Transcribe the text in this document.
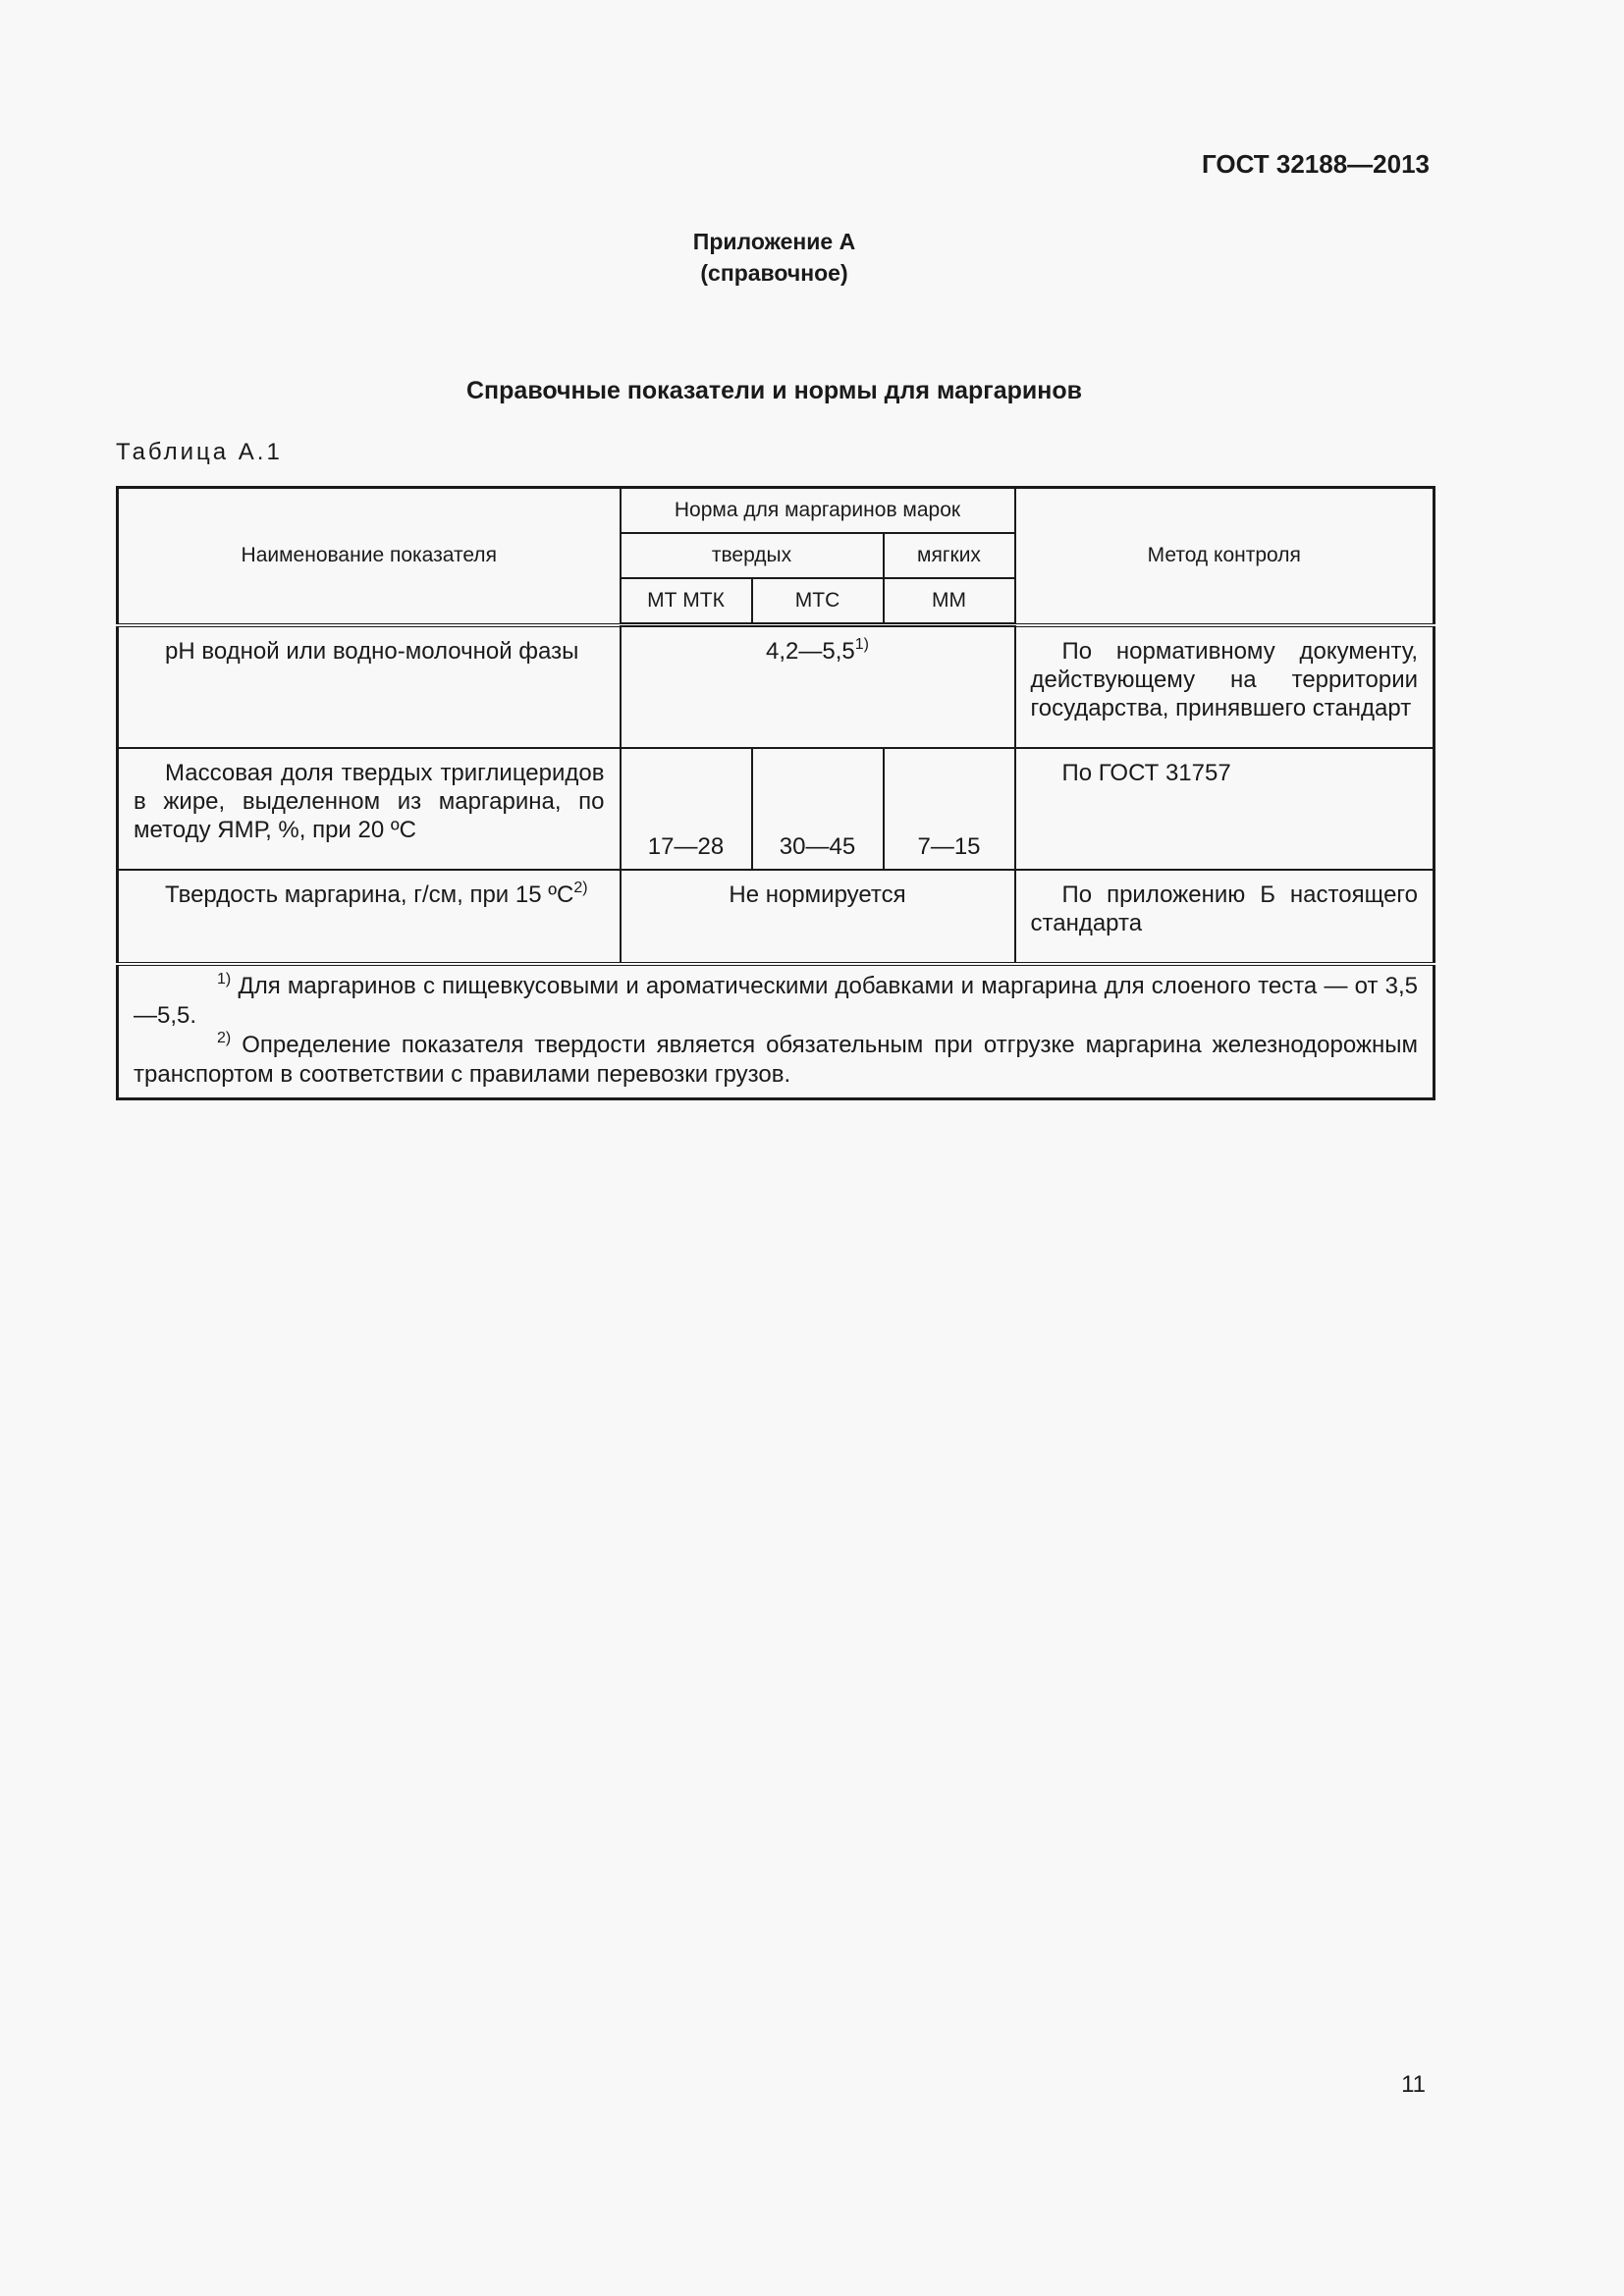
ГОСТ 32188—2013
Приложение А
(справочное)
Справочные показатели и нормы для маргаринов
Таблица А.1
Наименование показателя	Норма для маргаринов марок			Метод контроля
	твердых		мягких	
	МТ МТК	МТС	ММ	
pH водной или водно-молочной фазы	4,2—5,5$^{1)}$			По нормативному документу, действующему на территории государства, принявшего стандарт
Массовая доля твердых триглицеридов в жире, выделенном из маргарина, по методу ЯМР, %, при 20 ºС	17—28	30—45	7—15	По ГОСТ 31757
Твердость маргарина, г/см, при 15 ºС$^{2)}$	Не нормируется			По приложению Б настоящего стандарта

$^{1)}$ Для маргаринов с пищевкусовыми и ароматическими добавками и маргарина для слоеного теста — от 3,5—5,5.
$^{2)}$ Определение показателя твердости является обязательным при отгрузке маргарина железнодорожным транспортом в соответствии с правилами перевозки грузов.				
11
